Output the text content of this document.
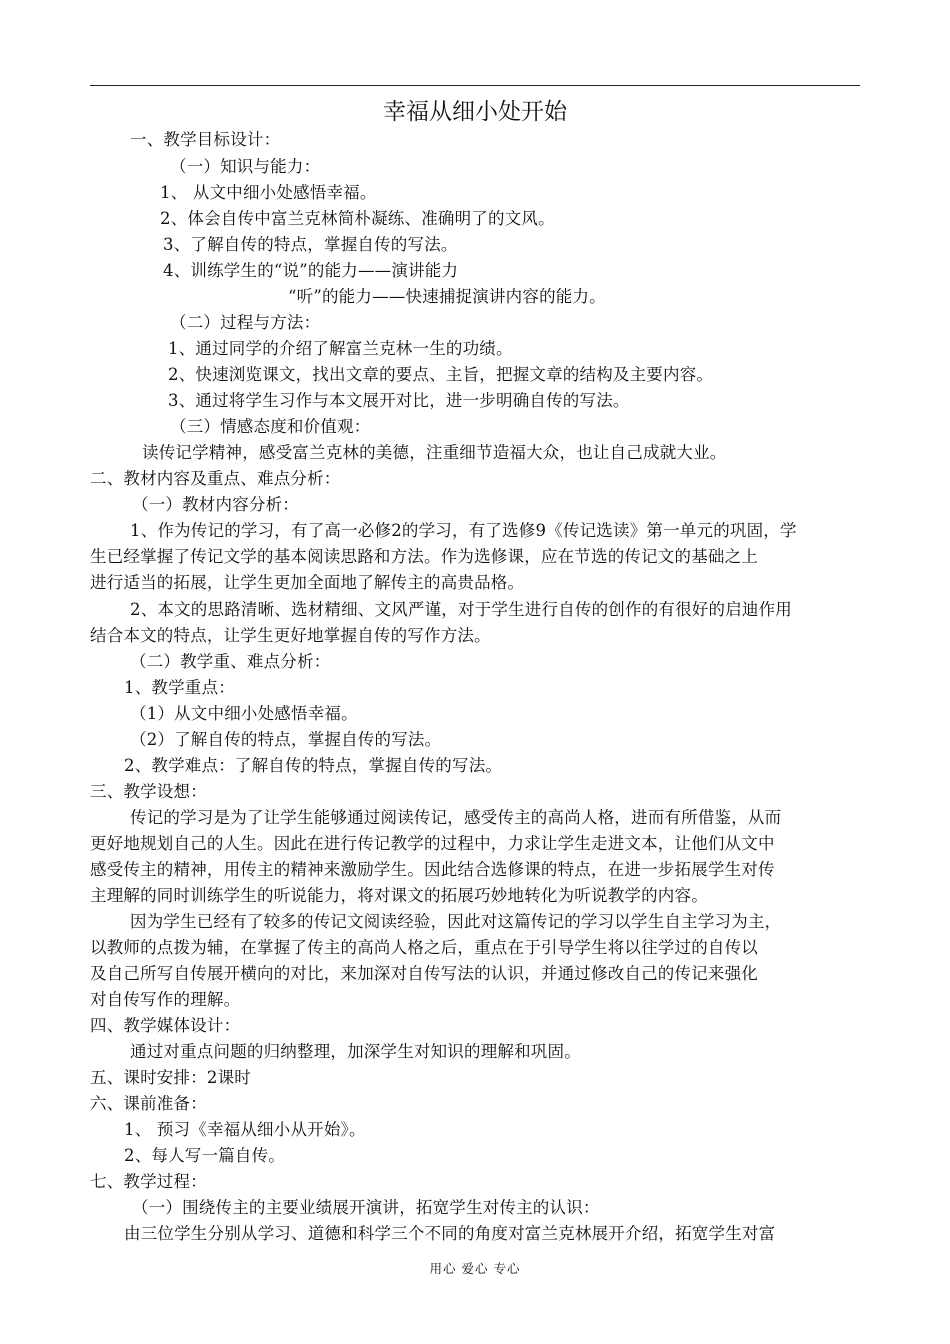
幸福从细小处开始
一、教学目标设计：
（一）知识与能力：
1、 从文中细小处感悟幸福。
2、体会自传中富兰克林简朴凝练、准确明了的文风。
3、了解自传的特点，掌握自传的写法。
4、训练学生的“说”的能力——演讲能力
“听”的能力——快速捕捉演讲内容的能力。
（二）过程与方法：
1、通过同学的介绍了解富兰克林一生的功绩。
2、快速浏览课文，找出文章的要点、主旨，把握文章的结构及主要内容。
3、通过将学生习作与本文展开对比，进一步明确自传的写法。
（三）情感态度和价值观：
读传记学精神，感受富兰克林的美德，注重细节造福大众，也让自己成就大业。
二、教材内容及重点、难点分析：
（一）教材内容分析：
1、作为传记的学习，有了高一必修2的学习，有了选修9《传记选读》第一单元的巩固，学
生已经掌握了传记文学的基本阅读思路和方法。作为选修课，应在节选的传记文的基础之上
进行适当的拓展，让学生更加全面地了解传主的高贵品格。
2、本文的思路清晰、选材精细、文风严谨，对于学生进行自传的创作的有很好的启迪作用
结合本文的特点，让学生更好地掌握自传的写作方法。
（二）教学重、难点分析：
1、教学重点：
（1）从文中细小处感悟幸福。
（2）了解自传的特点，掌握自传的写法。
2、教学难点：了解自传的特点，掌握自传的写法。
三、教学设想：
传记的学习是为了让学生能够通过阅读传记，感受传主的高尚人格，进而有所借鉴，从而
更好地规划自己的人生。因此在进行传记教学的过程中，力求让学生走进文本，让他们从文中
感受传主的精神，用传主的精神来激励学生。因此结合选修课的特点，在进一步拓展学生对传
主理解的同时训练学生的听说能力，将对课文的拓展巧妙地转化为听说教学的内容。
因为学生已经有了较多的传记文阅读经验，因此对这篇传记的学习以学生自主学习为主，
以教师的点拨为辅，在掌握了传主的高尚人格之后，重点在于引导学生将以往学过的自传以
及自己所写自传展开横向的对比，来加深对自传写法的认识，并通过修改自己的传记来强化
对自传写作的理解。
四、教学媒体设计：
通过对重点问题的归纳整理，加深学生对知识的理解和巩固。
五、课时安排：2课时
六、课前准备：
1、 预习《幸福从细小从开始》。
2、每人写一篇自传。
七、教学过程：
（一）围绕传主的主要业绩展开演讲，拓宽学生对传主的认识：
由三位学生分别从学习、道德和科学三个不同的角度对富兰克林展开介绍，拓宽学生对富
用心 爱心 专心
